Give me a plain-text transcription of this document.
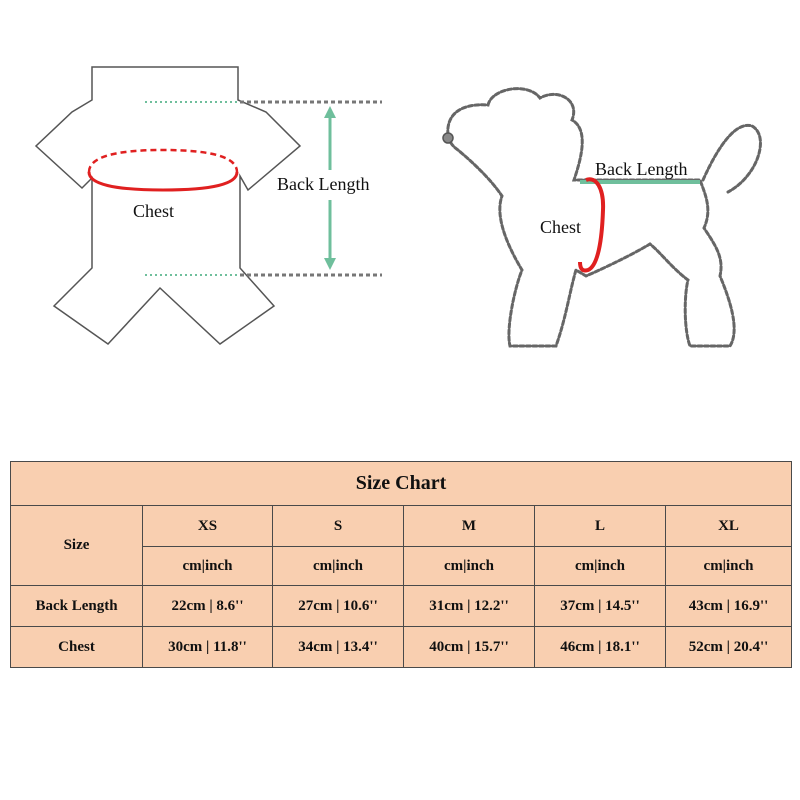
Chest
Back Length
Back Length
Chest
Size Chart					
Size	XS	S	M	L	XL
	cm|inch	cm|inch	cm|inch	cm|inch	cm|inch
Back Length	22cm | 8.6''	27cm | 10.6''	31cm | 12.2''	37cm | 14.5''	43cm | 16.9''
Chest	30cm | 11.8''	34cm | 13.4''	40cm | 15.7''	46cm | 18.1''	52cm | 20.4''
